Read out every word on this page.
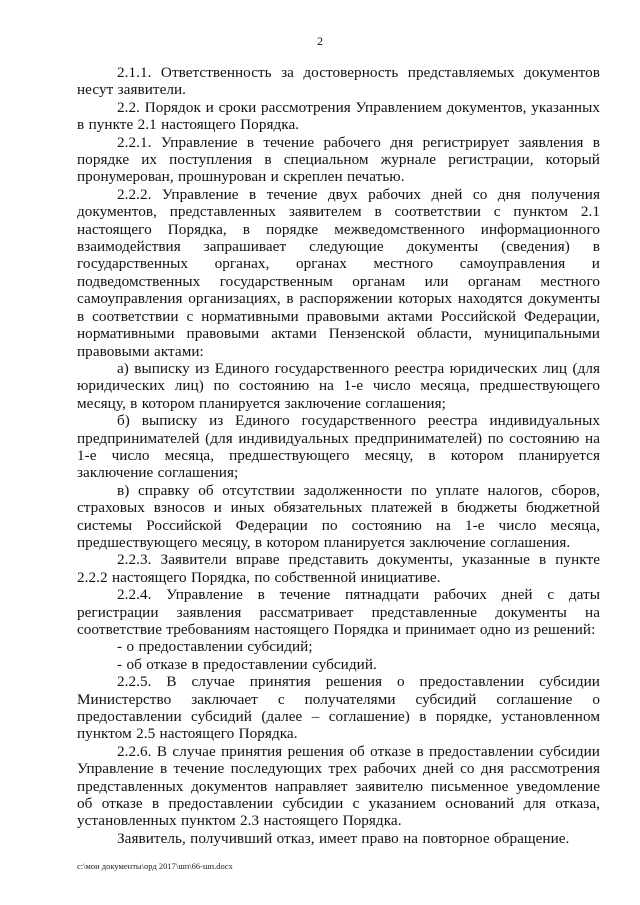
2

2.1.1. Ответственность за достоверность представляемых документов несут заявители.

2.2. Порядок и сроки рассмотрения Управлением документов, указанных в пункте 2.1 настоящего Порядка.

2.2.1. Управление в течение рабочего дня регистрирует заявления в порядке их поступления в специальном журнале регистрации, который пронумерован, прошнурован и скреплен печатью.

2.2.2. Управление в течение двух рабочих дней со дня получения документов, представленных заявителем в соответствии с пунктом 2.1 настоящего Порядка, в порядке межведомственного информационного взаимодействия запрашивает следующие документы (сведения) в государственных органах, органах местного самоуправления и подведомственных государственным органам или органам местного самоуправления организациях, в распоряжении которых находятся документы в соответствии с нормативными правовыми актами Российской Федерации, нормативными правовыми актами Пензенской области, муниципальными правовыми актами:

а) выписку из Единого государственного реестра юридических лиц (для юридических лиц) по состоянию на 1-е число месяца, предшествующего месяцу, в котором планируется заключение соглашения;

б) выписку из Единого государственного реестра индивидуальных предпринимателей (для индивидуальных предпринимателей) по состоянию на 1-е число месяца, предшествующего месяцу, в котором планируется заключение соглашения;

в) справку об отсутствии задолженности по уплате налогов, сборов, страховых взносов и иных обязательных платежей в бюджеты бюджетной системы Российской Федерации по состоянию на 1-е число месяца, предшествующего месяцу, в котором планируется заключение соглашения.

2.2.3. Заявители вправе представить документы, указанные в пункте 2.2.2 настоящего Порядка, по собственной инициативе.

2.2.4. Управление в течение пятнадцати рабочих дней с даты регистрации заявления рассматривает представленные документы на соответствие требованиям настоящего Порядка и принимает одно из решений:

- о предоставлении субсидий;

- об отказе в предоставлении субсидий.

2.2.5. В случае принятия решения о предоставлении субсидии Министерство заключает с получателями субсидий соглашение о предоставлении субсидий (далее – соглашение) в порядке, установленном пунктом 2.5 настоящего Порядка.

2.2.6. В случае принятия решения об отказе в предоставлении субсидии Управление в течение последующих трех рабочих дней со дня рассмотрения представленных документов направляет заявителю письменное уведомление об отказе в предоставлении субсидии с указанием оснований для отказа, установленных пунктом 2.3 настоящего Порядка.

Заявитель, получивший отказ, имеет право на повторное обращение.

c:\мои документы\орд 2017\шп\66-шп.docx
